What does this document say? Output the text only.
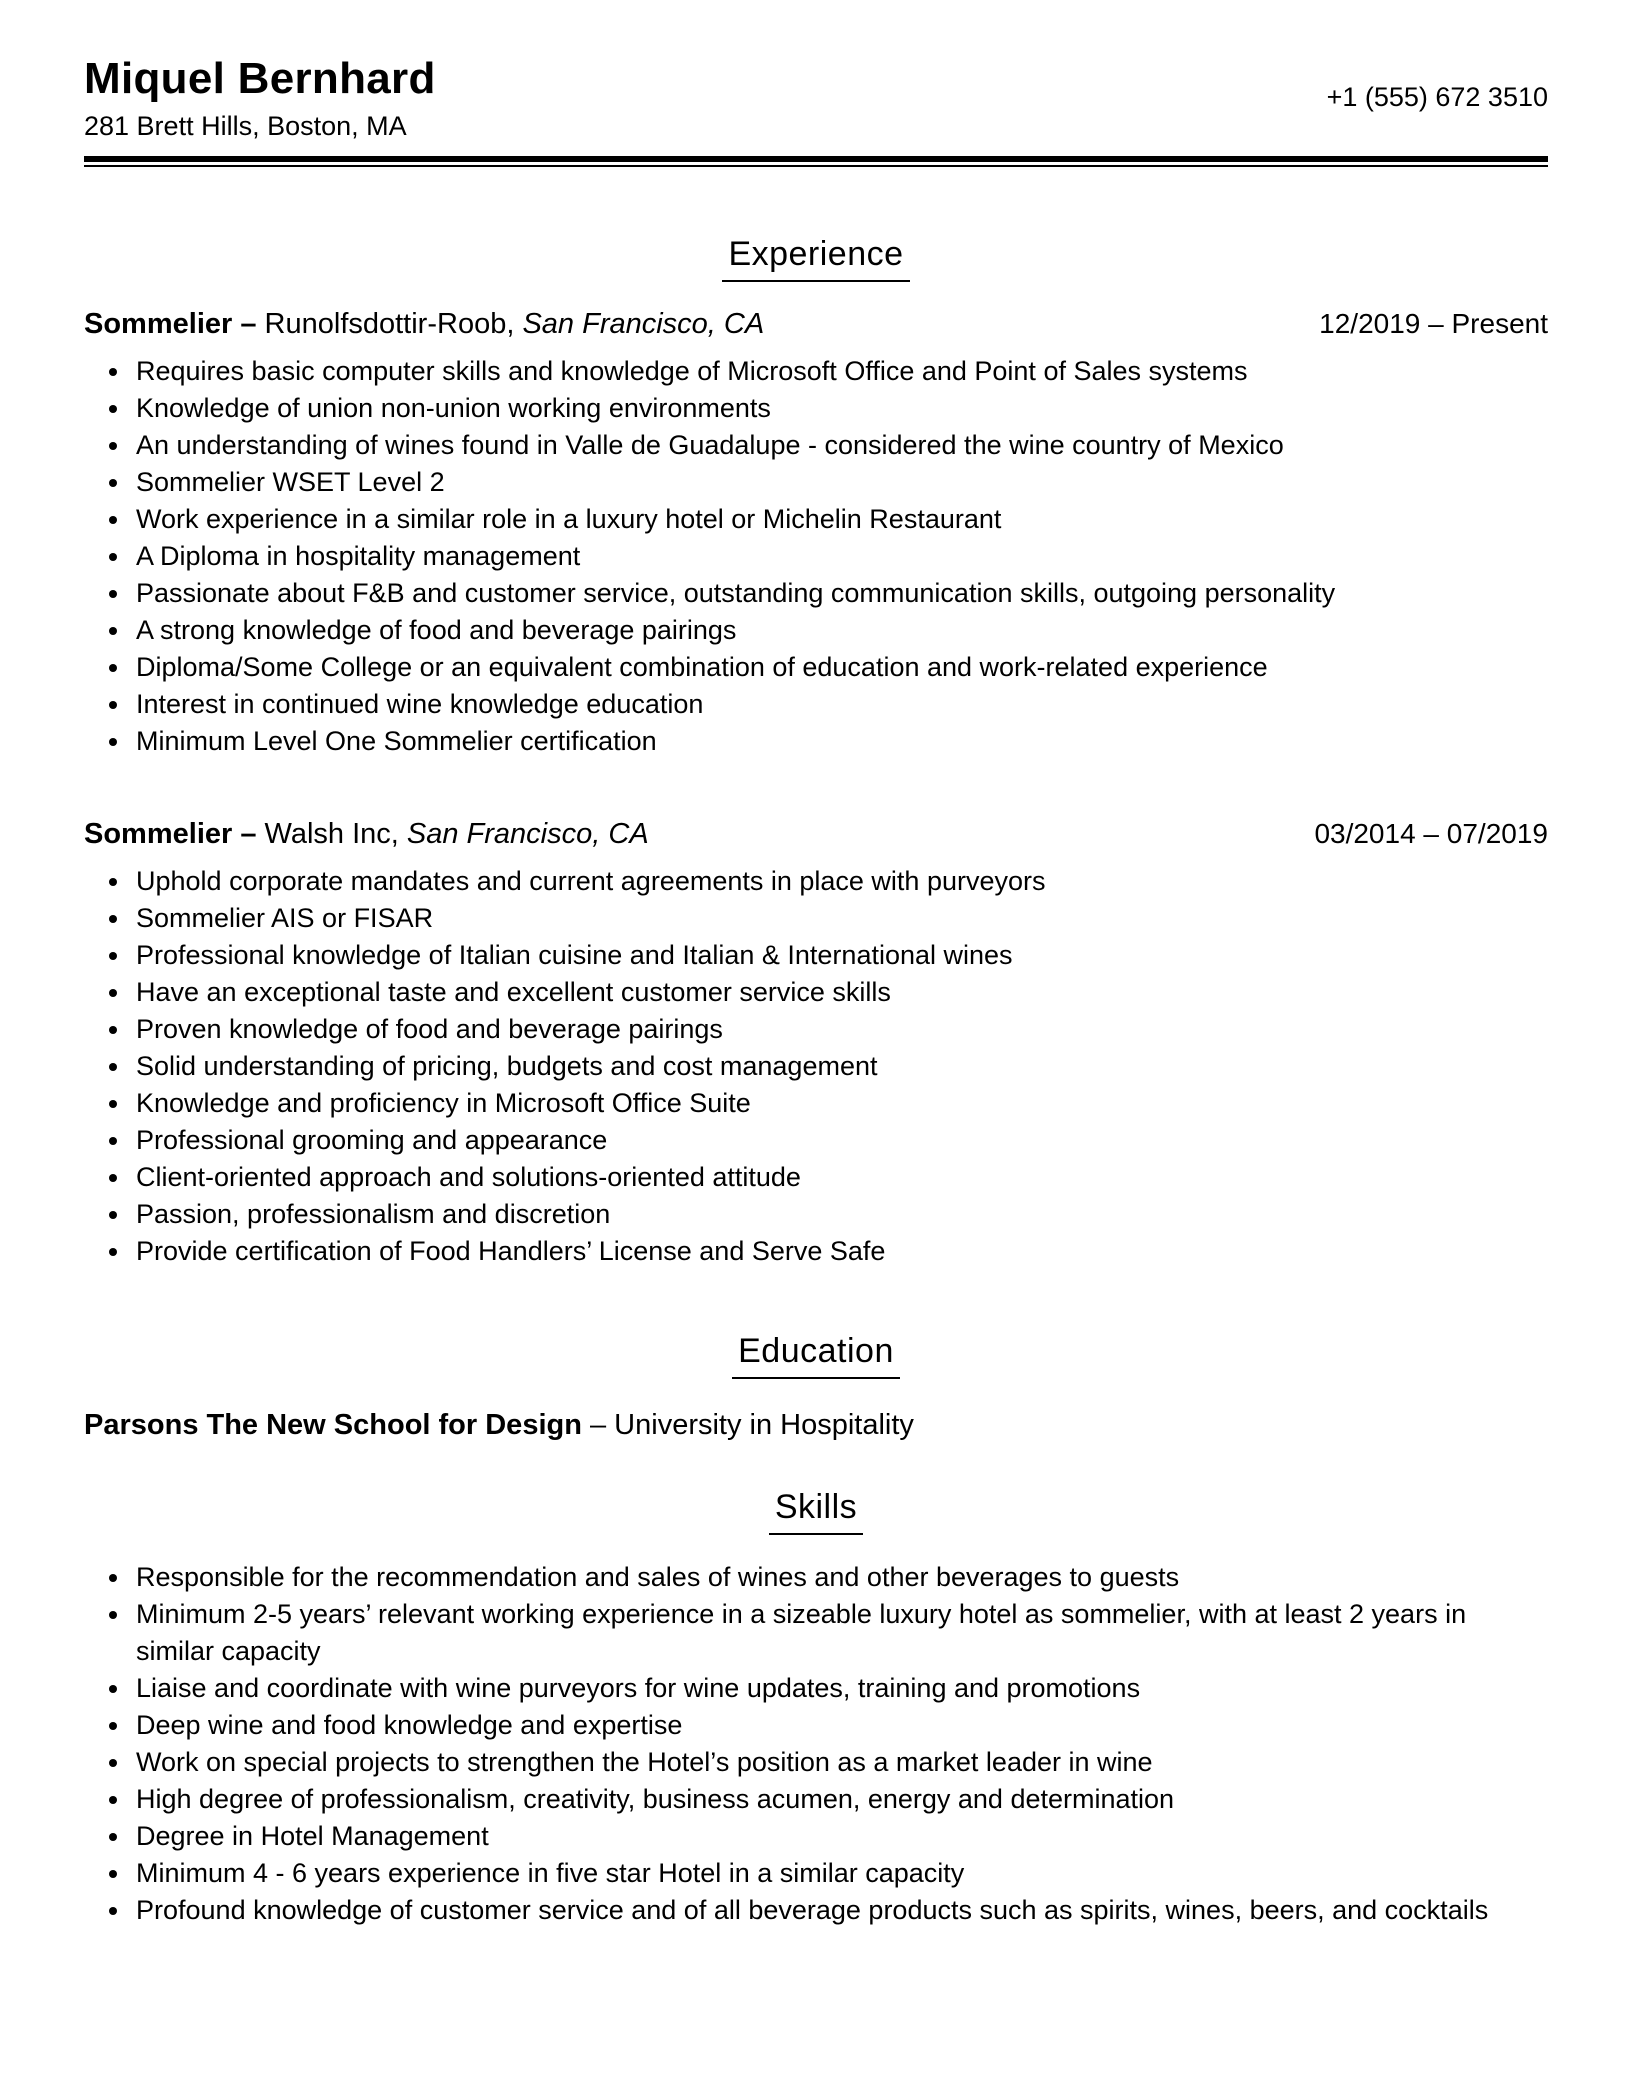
Miquel Bernhard
281 Brett Hills, Boston, MA
+1 (555) 672 3510
Experience
Sommelier – Runolfsdottir-Roob, San Francisco, CA	12/2019 – Present
• Requires basic computer skills and knowledge of Microsoft Office and Point of Sales systems
• Knowledge of union non-union working environments
• An understanding of wines found in Valle de Guadalupe - considered the wine country of Mexico
• Sommelier WSET Level 2
• Work experience in a similar role in a luxury hotel or Michelin Restaurant
• A Diploma in hospitality management
• Passionate about F&B and customer service, outstanding communication skills, outgoing personality
• A strong knowledge of food and beverage pairings
• Diploma/Some College or an equivalent combination of education and work-related experience
• Interest in continued wine knowledge education
• Minimum Level One Sommelier certification
Sommelier – Walsh Inc, San Francisco, CA	03/2014 – 07/2019
• Uphold corporate mandates and current agreements in place with purveyors
• Sommelier AIS or FISAR
• Professional knowledge of Italian cuisine and Italian & International wines
• Have an exceptional taste and excellent customer service skills
• Proven knowledge of food and beverage pairings
• Solid understanding of pricing, budgets and cost management
• Knowledge and proficiency in Microsoft Office Suite
• Professional grooming and appearance
• Client-oriented approach and solutions-oriented attitude
• Passion, professionalism and discretion
• Provide certification of Food Handlers’ License and Serve Safe
Education
Parsons The New School for Design – University in Hospitality
Skills
• Responsible for the recommendation and sales of wines and other beverages to guests
• Minimum 2-5 years’ relevant working experience in a sizeable luxury hotel as sommelier, with at least 2 years in similar capacity
• Liaise and coordinate with wine purveyors for wine updates, training and promotions
• Deep wine and food knowledge and expertise
• Work on special projects to strengthen the Hotel’s position as a market leader in wine
• High degree of professionalism, creativity, business acumen, energy and determination
• Degree in Hotel Management
• Minimum 4 - 6 years experience in five star Hotel in a similar capacity
• Profound knowledge of customer service and of all beverage products such as spirits, wines, beers, and cocktails
